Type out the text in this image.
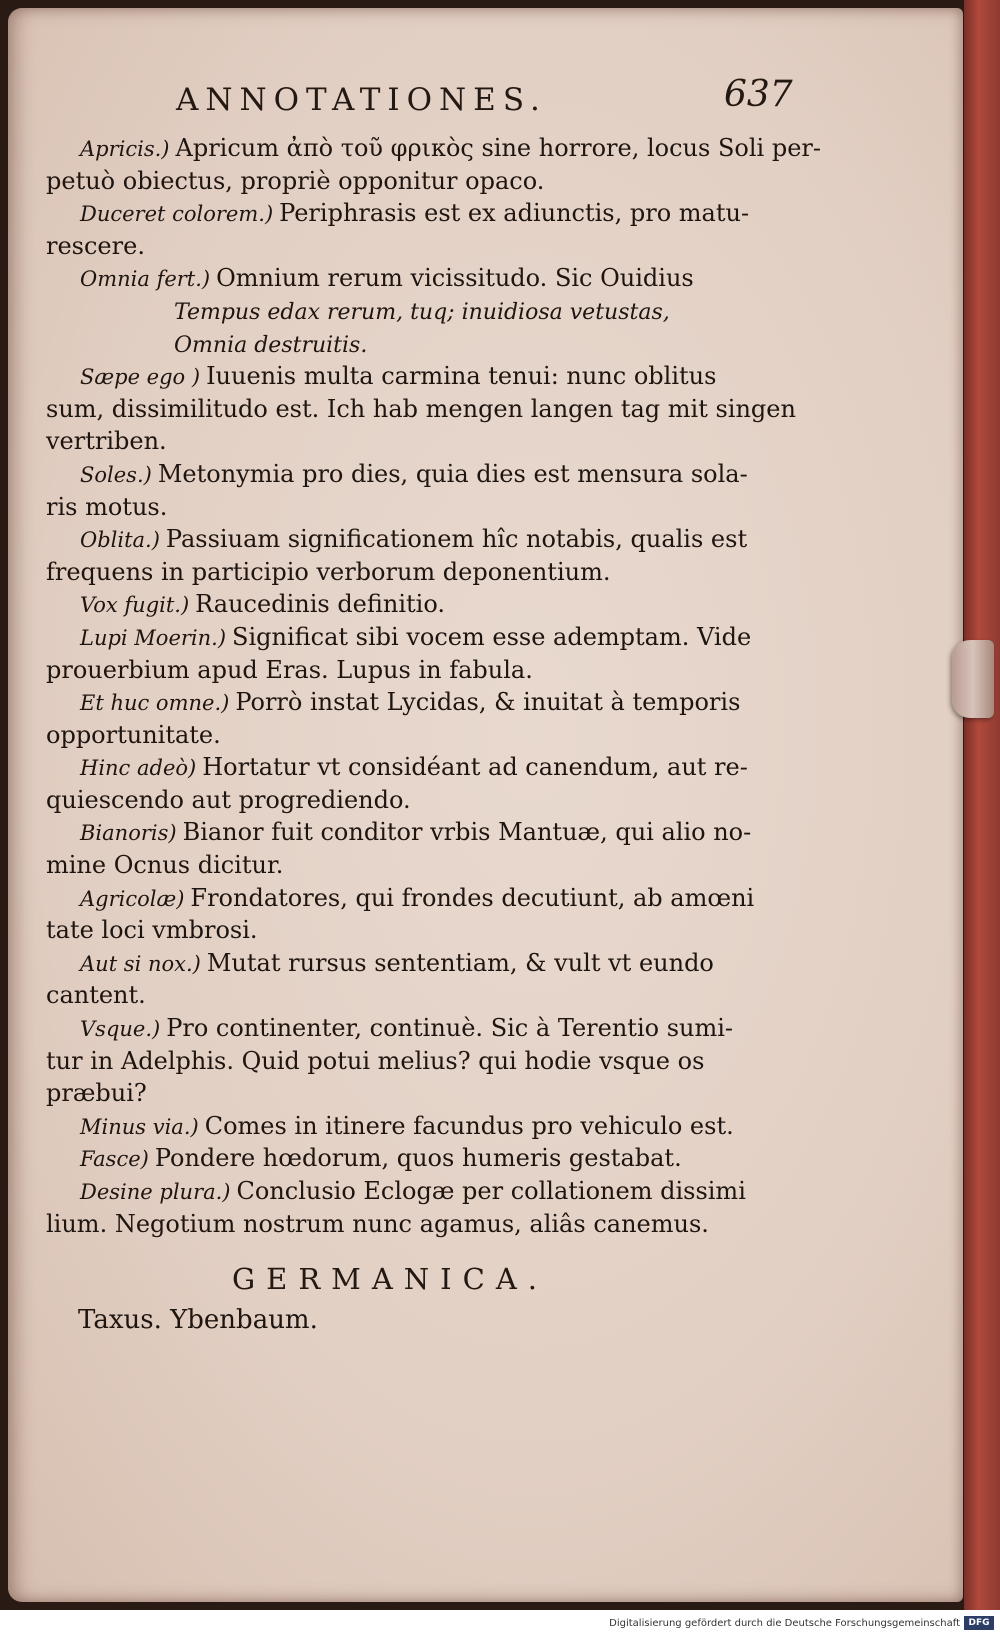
ANNOTATIONES.	637
Apricis.) Apricum ἀπὸ τοῦ φρικὸς sine horrore, locus Soli per-
petuò obiectus, propriè opponitur opaco.
Duceret colorem.) Periphrasis est ex adiunctis, pro matu-
rescere.
Omnia fert.) Omnium rerum vicissitudo. Sic Ouidius
Tempus edax rerum, tuq; inuidiosa vetustas,
Omnia destruitis.
Sæpe ego ) Iuuenis multa carmina tenui: nunc oblitus
sum, dissimilitudo est. Ich hab mengen langen tag mit singen
vertriben.
Soles.) Metonymia pro dies, quia dies est mensura sola-
ris motus.
Oblita.) Passiuam significationem hîc notabis, qualis est
frequens in participio verborum deponentium.
Vox fugit.) Raucedinis definitio.
Lupi Moerin.) Significat sibi vocem esse ademptam. Vide
prouerbium apud Eras. Lupus in fabula.
Et huc omne.) Porrò instat Lycidas, & inuitat à temporis
opportunitate.
Hinc adeò) Hortatur vt considéant ad canendum, aut re-
quiescendo aut progrediendo.
Bianoris) Bianor fuit conditor vrbis Mantuæ, qui alio no-
mine Ocnus dicitur.
Agricolæ) Frondatores, qui frondes decutiunt, ab amœni
tate loci vmbrosi.
Aut si nox.) Mutat rursus sententiam, & vult vt eundo
cantent.
Vsque.) Pro continenter, continuè. Sic à Terentio sumi-
tur in Adelphis. Quid potui melius? qui hodie vsque os
præbui?
Minus via.) Comes in itinere facundus pro vehiculo est.
Fasce) Pondere hœdorum, quos humeris gestabat.
Desine plura.) Conclusio Eclogæ per collationem dissimi
lium. Negotium nostrum nunc agamus, aliâs canemus.
GERMANICA.
Taxus. Ybenbaum.
Digitalisierung gefördert durch die Deutsche Forschungsgemeinschaft DFG
